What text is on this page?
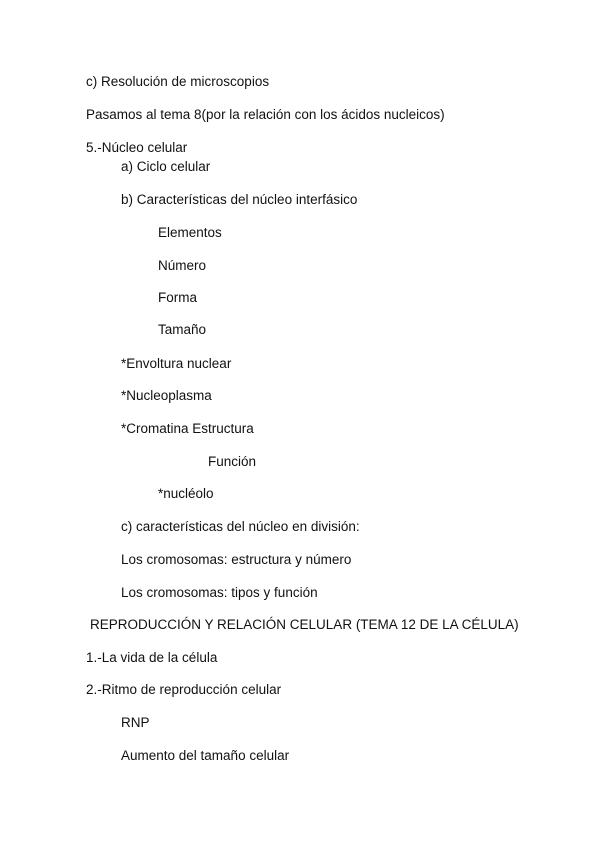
c) Resolución de microscopios

Pasamos al tema 8(por la relación con los ácidos nucleicos)

5.-Núcleo celular

a) Ciclo celular

b) Características del núcleo interfásico

Elementos

Número

Forma

Tamaño

*Envoltura nuclear

*Nucleoplasma

*Cromatina Estructura

Función

*nucléolo

c) características del núcleo en división:

Los cromosomas: estructura y número

Los cromosomas: tipos y función

REPRODUCCIÓN Y RELACIÓN CELULAR (TEMA 12 DE LA CÉLULA)

1.-La vida de la célula

2.-Ritmo de reproducción celular

RNP

Aumento del tamaño celular
